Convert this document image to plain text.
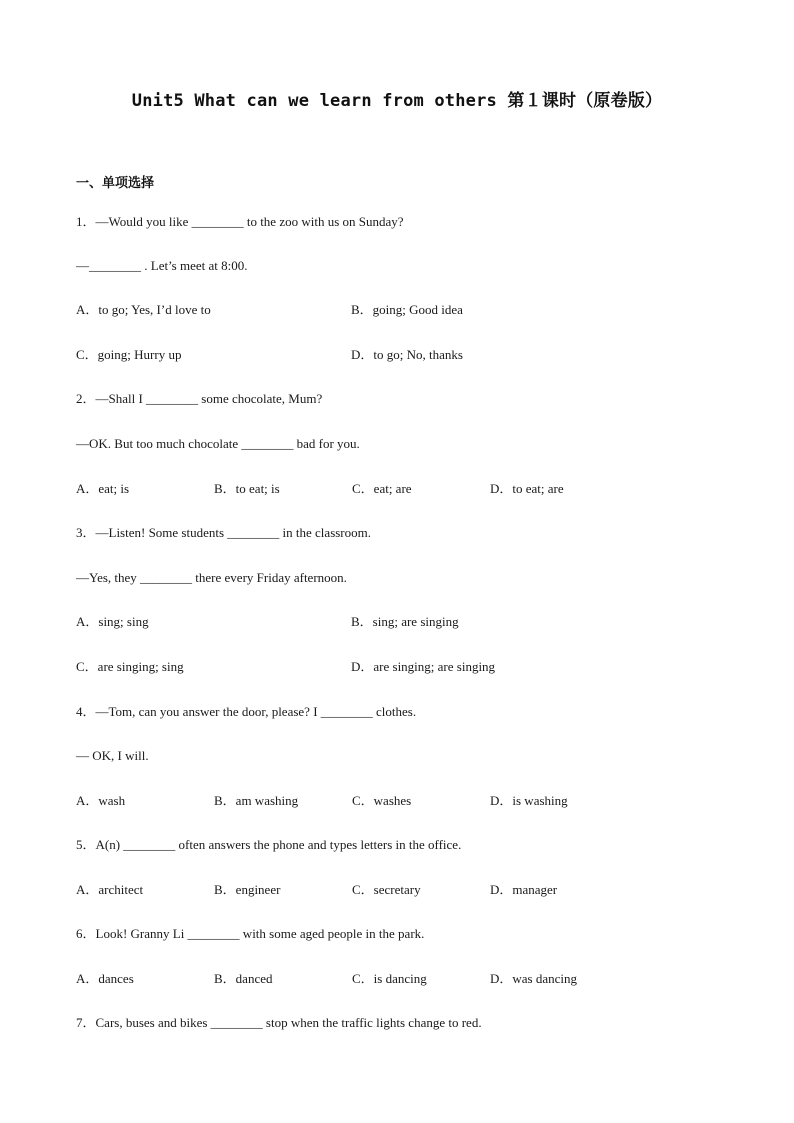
Unit5 What can we learn from others 第１课时（原卷版）
一、单项选择
1．—Would you like ________ to the zoo with us on Sunday?
—________ . Let’s meet at 8:00.
A．to go; Yes, I’d love to	B．going; Good idea
C．going; Hurry up	D．to go; No, thanks
2．—Shall I ________ some chocolate, Mum?
—OK. But too much chocolate ________ bad for you.
A．eat; is	B．to eat; is	C．eat; are	D．to eat; are
3．—Listen! Some students ________ in the classroom.
—Yes, they ________ there every Friday afternoon.
A．sing; sing	B．sing; are singing
C．are singing; sing	D．are singing; are singing
4．—Tom, can you answer the door, please? I ________ clothes.
— OK, I will.
A．wash	B．am washing	C．washes	D．is washing
5．A(n) ________ often answers the phone and types letters in the office.
A．architect	B．engineer	C．secretary	D．manager
6．Look! Granny Li ________ with some aged people in the park.
A．dances	B．danced	C．is dancing	D．was dancing
7．Cars, buses and bikes ________ stop when the traffic lights change to red.
